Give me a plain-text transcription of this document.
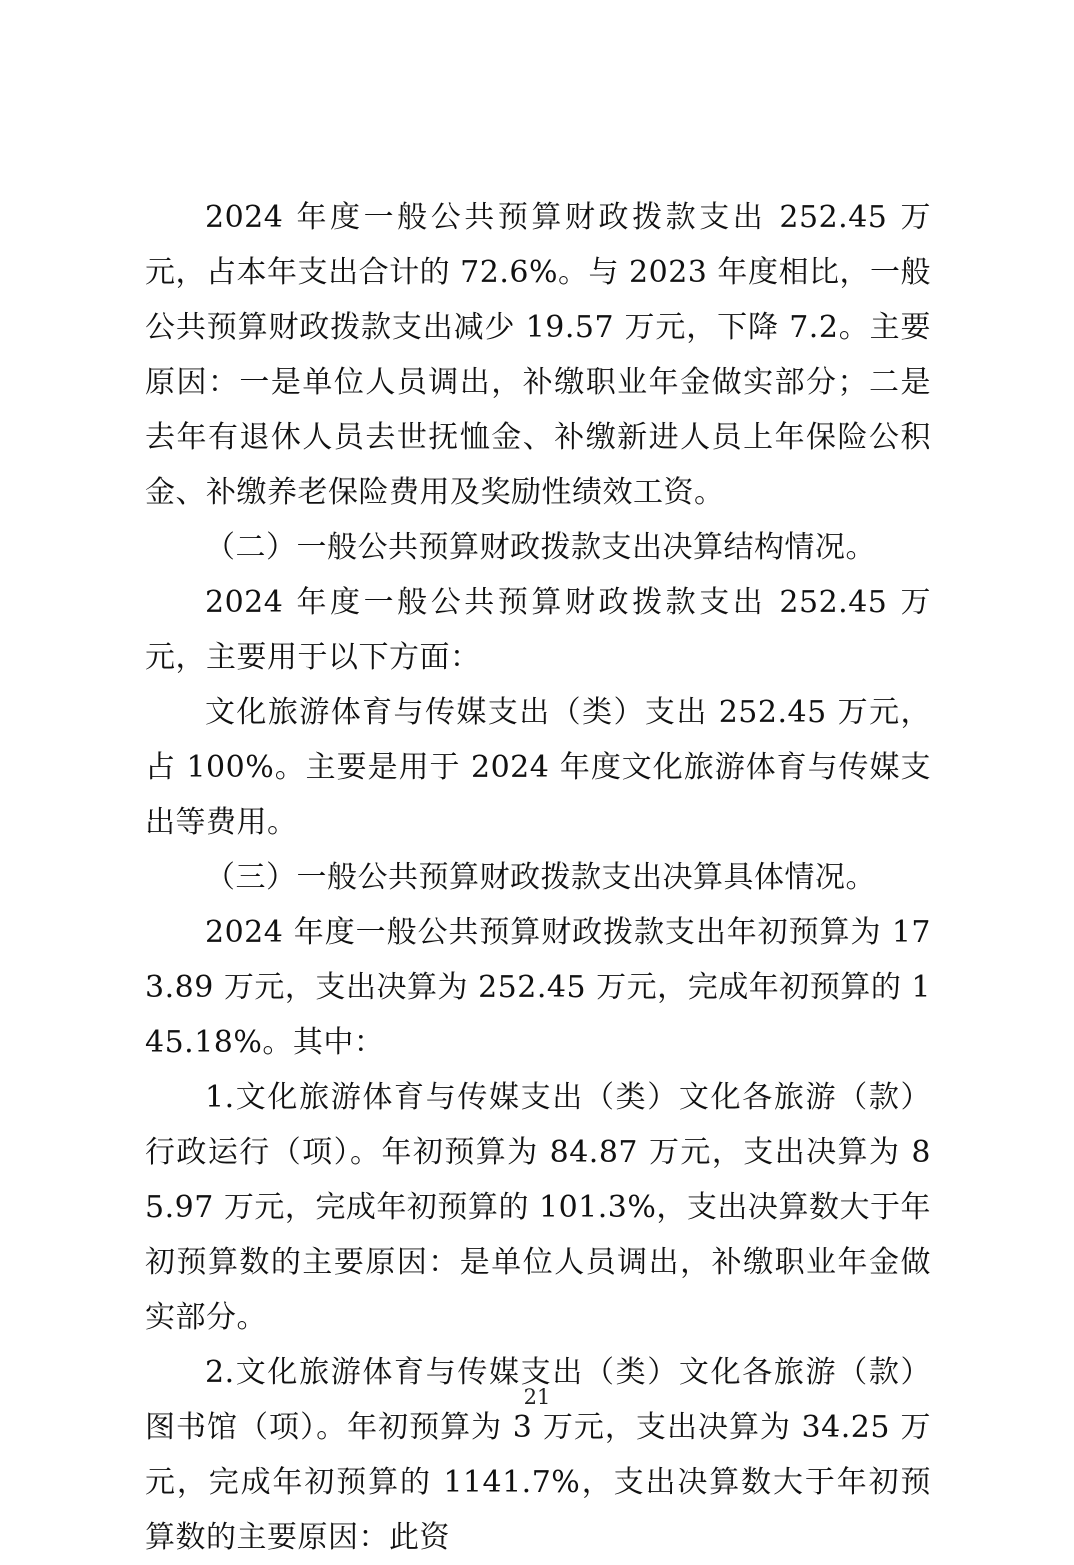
2024 年度一般公共预算财政拨款支出 252.45 万元，占本年支出合计的 72.6%。与 2023 年度相比，一般公共预算财政拨款支出减少 19.57 万元，下降 7.2。主要原因：一是单位人员调出，补缴职业年金做实部分；二是去年有退休人员去世抚恤金、补缴新进人员上年保险公积金、补缴养老保险费用及奖励性绩效工资。

（二）一般公共预算财政拨款支出决算结构情况。

2024 年度一般公共预算财政拨款支出 252.45 万元，主要用于以下方面：

文化旅游体育与传媒支出（类）支出 252.45 万元，占 100%。主要是用于 2024 年度文化旅游体育与传媒支出等费用。

（三）一般公共预算财政拨款支出决算具体情况。

2024 年度一般公共预算财政拨款支出年初预算为 173.89 万元，支出决算为 252.45 万元，完成年初预算的 145.18%。其中：

1.文化旅游体育与传媒支出（类）文化各旅游（款）行政运行（项）。年初预算为 84.87 万元，支出决算为 85.97 万元，完成年初预算的 101.3%，支出决算数大于年初预算数的主要原因：是单位人员调出，补缴职业年金做实部分。

2.文化旅游体育与传媒支出（类）文化各旅游（款）图书馆（项）。年初预算为 3 万元，支出决算为 34.25 万元，完成年初预算的 1141.7%，支出决算数大于年初预算数的主要原因：此资

21
